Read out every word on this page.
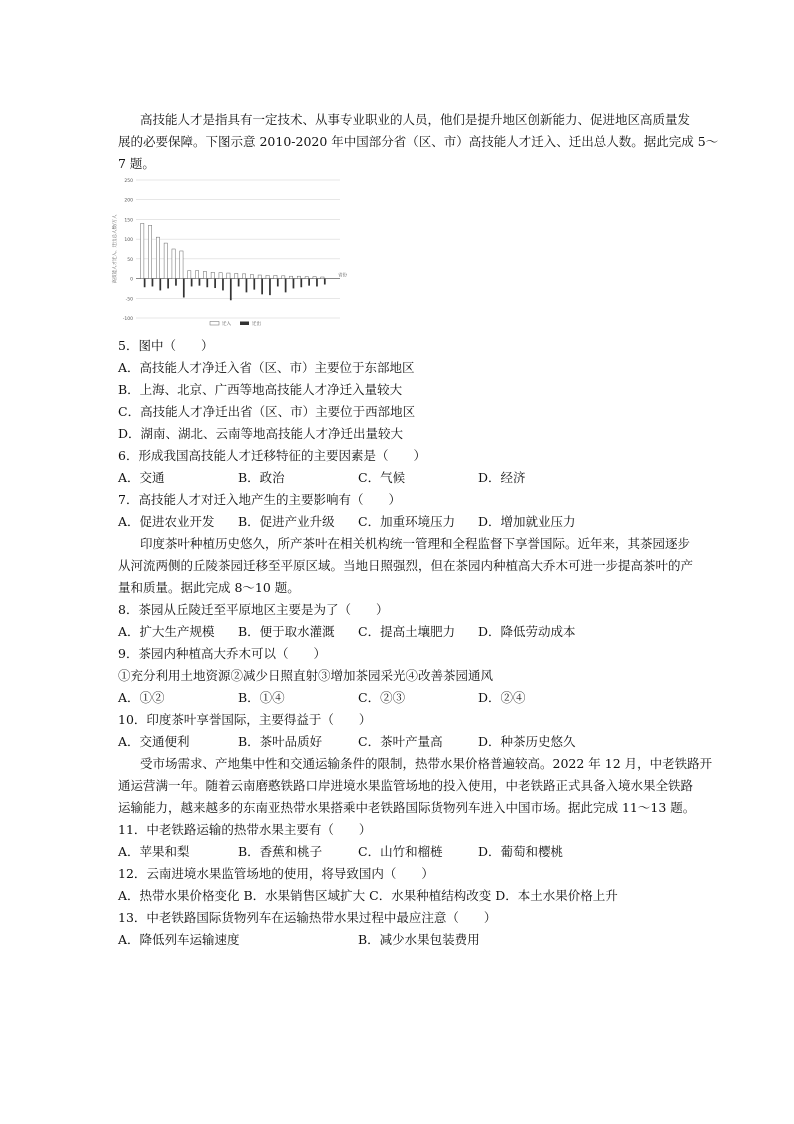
高技能人才是指具有一定技术、从事专业职业的人员，他们是提升地区创新能力、促进地区高质量发
展的必要保障。下图示意 2010-2020 年中国部分省（区、市）高技能人才迁入、迁出总人数。据此完成 5～
7 题。
250
200
150
100
50
0
-50
-100
高技能人才迁入、迁出总人数/万人	省份
迁入	迁出
5．图中（　　）
A．高技能人才净迁入省（区、市）主要位于东部地区
B．上海、北京、广西等地高技能人才净迁入量较大
C．高技能人才净迁出省（区、市）主要位于西部地区
D．湖南、湖北、云南等地高技能人才净迁出量较大
6．形成我国高技能人才迁移特征的主要因素是（　　）
A．交通	B．政治	C．气候	D．经济
7．高技能人才对迁入地产生的主要影响有（　　）
A．促进农业开发 B．促进产业升级 C．加重环境压力 D．增加就业压力
印度茶叶种植历史悠久，所产茶叶在相关机构统一管理和全程监督下享誉国际。近年来，其茶园逐步
从河流两侧的丘陵茶园迁移至平原区域。当地日照强烈，但在茶园内种植高大乔木可进一步提高茶叶的产
量和质量。据此完成 8～10 题。
8．茶园从丘陵迁至平原地区主要是为了（　　）
A．扩大生产规模 B．便于取水灌溉 C．提高土壤肥力 D．降低劳动成本
9．茶园内种植高大乔木可以（　　）
①充分利用土地资源②减少日照直射③增加茶园采光④改善茶园通风
A．①②	B．①④	C．②③	D．②④
10．印度茶叶享誉国际，主要得益于（　　）
A．交通便利	B．茶叶品质好	C．茶叶产量高	D．种茶历史悠久
受市场需求、产地集中性和交通运输条件的限制，热带水果价格普遍较高。2022 年 12 月，中老铁路开
通运营满一年。随着云南磨憨铁路口岸进境水果监管场地的投入使用，中老铁路正式具备入境水果全铁路
运输能力，越来越多的东南亚热带水果搭乘中老铁路国际货物列车进入中国市场。据此完成 11～13 题。
11．中老铁路运输的热带水果主要有（　　）
A．苹果和梨	B．香蕉和桃子	C．山竹和榴梿	D．葡萄和樱桃
12．云南进境水果监管场地的使用，将导致国内（　　）
A．热带水果价格变化 B．水果销售区域扩大 C．水果种植结构改变 D．本土水果价格上升
13．中老铁路国际货物列车在运输热带水果过程中最应注意（　　）
A．降低列车运输速度	B．减少水果包装费用
